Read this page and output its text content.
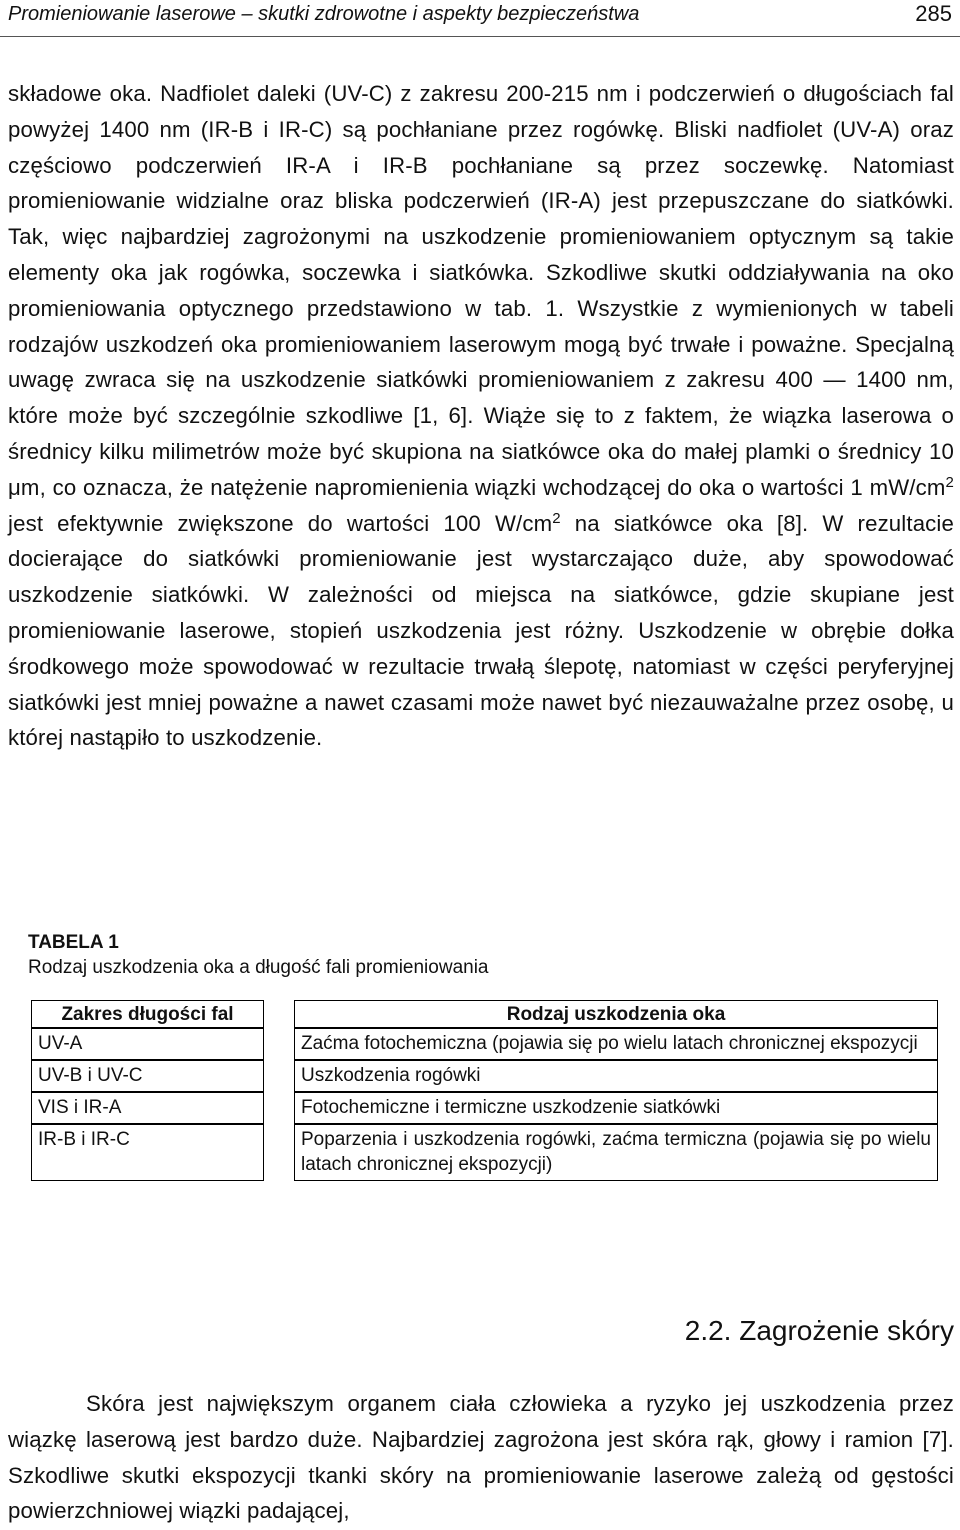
Promieniowanie laserowe – skutki zdrowotne i aspekty bezpieczeństwa	285
składowe oka. Nadfiolet daleki (UV-C) z zakresu 200-215 nm i podczerwień o długościach fal powyżej 1400 nm (IR-B i IR-C) są pochłaniane przez rogówkę. Bliski nadfiolet (UV-A) oraz częściowo podczerwień IR-A i IR-B pochłaniane są przez soczewkę. Natomiast promieniowanie widzialne oraz bliska podczerwień (IR-A) jest przepuszczane do siatkówki. Tak, więc najbardziej zagrożonymi na uszkodzenie promieniowaniem optycznym są takie elementy oka jak rogówka, soczewka i siatkówka. Szkodliwe skutki oddziaływania na oko promieniowania optycznego przedstawiono w tab. 1. Wszystkie z wymienionych w tabeli rodzajów uszkodzeń oka promieniowaniem laserowym mogą być trwałe i poważne. Specjalną uwagę zwraca się na uszkodzenie siatkówki promieniowaniem z zakresu 400 — 1400 nm, które może być szczególnie szkodliwe [1, 6]. Wiąże się to z faktem, że wiązka laserowa o średnicy kilku milimetrów może być skupiona na siatkówce oka do małej plamki o średnicy 10 μm, co oznacza, że natężenie napromienienia wiązki wchodzącej do oka o wartości 1 $mW/cm^2$ jest efektywnie zwiększone do wartości 100 $W/cm^2$ na siatkówce oka [8]. W rezultacie docierające do siatkówki promieniowanie jest wystarczająco duże, aby spowodować uszkodzenie siatkówki. W zależności od miejsca na siatkówce, gdzie skupiane jest promieniowanie laserowe, stopień uszkodzenia jest różny. Uszkodzenie w obrębie dołka środkowego może spowodować w rezultacie trwałą ślepotę, natomiast w części peryferyjnej siatkówki jest mniej poważne a nawet czasami może nawet być niezauważalne przez osobę, u której nastąpiło to uszkodzenie.
TABELA 1
Rodzaj uszkodzenia oka a długość fali promieniowania
Zakres długości fal		Rodzaj uszkodzenia oka
UV-A		Zaćma fotochemiczna (pojawia się po wielu latach chronicznej ekspozycji
UV-B i UV-C		Uszkodzenia rogówki
VIS i IR-A		Fotochemiczne i termiczne uszkodzenie siatkówki
IR-B i IR-C		Poparzenia i uszkodzenia rogówki, zaćma termiczna (pojawia się po wielu latach chronicznej ekspozycji)
2.2. Zagrożenie skóry
Skóra jest największym organem ciała człowieka a ryzyko jej uszkodzenia przez wiązkę laserową jest bardzo duże. Najbardziej zagrożona jest skóra rąk, głowy i ramion [7]. Szkodliwe skutki ekspozycji tkanki skóry na promieniowanie laserowe zależą od gęstości powierzchniowej wiązki padającej,
